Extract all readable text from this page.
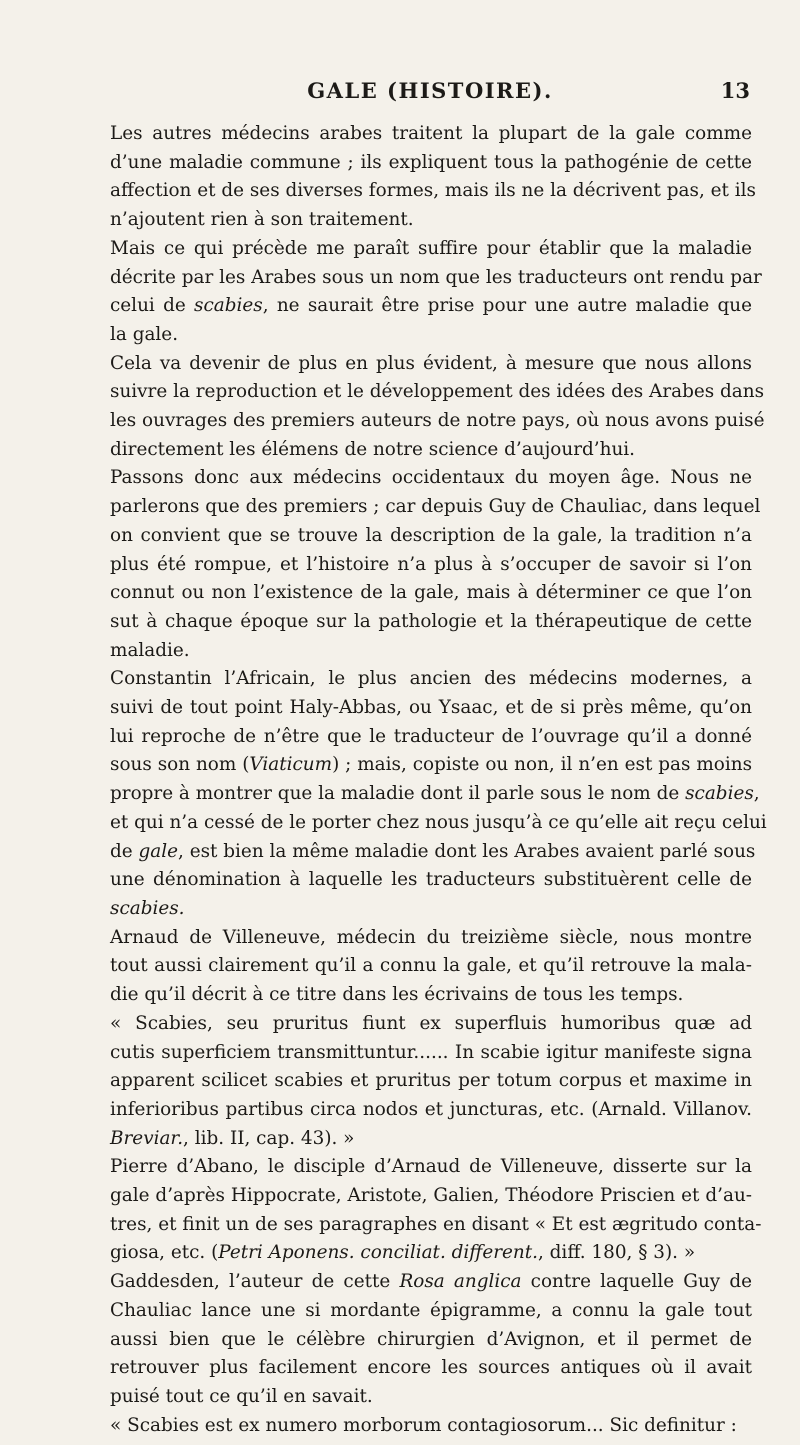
GALE (HISTOIRE).	13
Les autres médecins arabes traitent la plupart de la gale comme
d’une maladie commune ; ils expliquent tous la pathogénie de cette
affection et de ses diverses formes, mais ils ne la décrivent pas, et ils
n’ajoutent rien à son traitement.
Mais ce qui précède me paraît suffire pour établir que la maladie
décrite par les Arabes sous un nom que les traducteurs ont rendu par
celui de scabies, ne saurait être prise pour une autre maladie que
la gale.
Cela va devenir de plus en plus évident, à mesure que nous allons
suivre la reproduction et le développement des idées des Arabes dans
les ouvrages des premiers auteurs de notre pays, où nous avons puisé
directement les élémens de notre science d’aujourd’hui.
Passons donc aux médecins occidentaux du moyen âge. Nous ne
parlerons que des premiers ; car depuis Guy de Chauliac, dans lequel
on convient que se trouve la description de la gale, la tradition n’a
plus été rompue, et l’histoire n’a plus à s’occuper de savoir si l’on
connut ou non l’existence de la gale, mais à déterminer ce que l’on
sut à chaque époque sur la pathologie et la thérapeutique de cette
maladie.
Constantin l’Africain, le plus ancien des médecins modernes, a
suivi de tout point Haly-Abbas, ou Ysaac, et de si près même, qu’on
lui reproche de n’être que le traducteur de l’ouvrage qu’il a donné
sous son nom (Viaticum) ; mais, copiste ou non, il n’en est pas moins
propre à montrer que la maladie dont il parle sous le nom de scabies,
et qui n’a cessé de le porter chez nous jusqu’à ce qu’elle ait reçu celui
de gale, est bien la même maladie dont les Arabes avaient parlé sous
une dénomination à laquelle les traducteurs substituèrent celle de
scabies.
Arnaud de Villeneuve, médecin du treizième siècle, nous montre
tout aussi clairement qu’il a connu la gale, et qu’il retrouve la mala-
die qu’il décrit à ce titre dans les écrivains de tous les temps.
« Scabies, seu pruritus fiunt ex superfluis humoribus quæ ad
cutis superficiem transmittuntur...... In scabie igitur manifeste signa
apparent scilicet scabies et pruritus per totum corpus et maxime in
inferioribus partibus circa nodos et juncturas, etc. (Arnald. Villanov.
Breviar., lib. II, cap. 43). »
Pierre d’Abano, le disciple d’Arnaud de Villeneuve, disserte sur la
gale d’après Hippocrate, Aristote, Galien, Théodore Priscien et d’au-
tres, et finit un de ses paragraphes en disant « Et est ægritudo conta-
giosa, etc. (Petri Aponens. conciliat. different., diff. 180, § 3). »
Gaddesden, l’auteur de cette Rosa anglica contre laquelle Guy de
Chauliac lance une si mordante épigramme, a connu la gale tout
aussi bien que le célèbre chirurgien d’Avignon, et il permet de
retrouver plus facilement encore les sources antiques où il avait
puisé tout ce qu’il en savait.
« Scabies est ex numero morborum contagiosorum... Sic definitur :
